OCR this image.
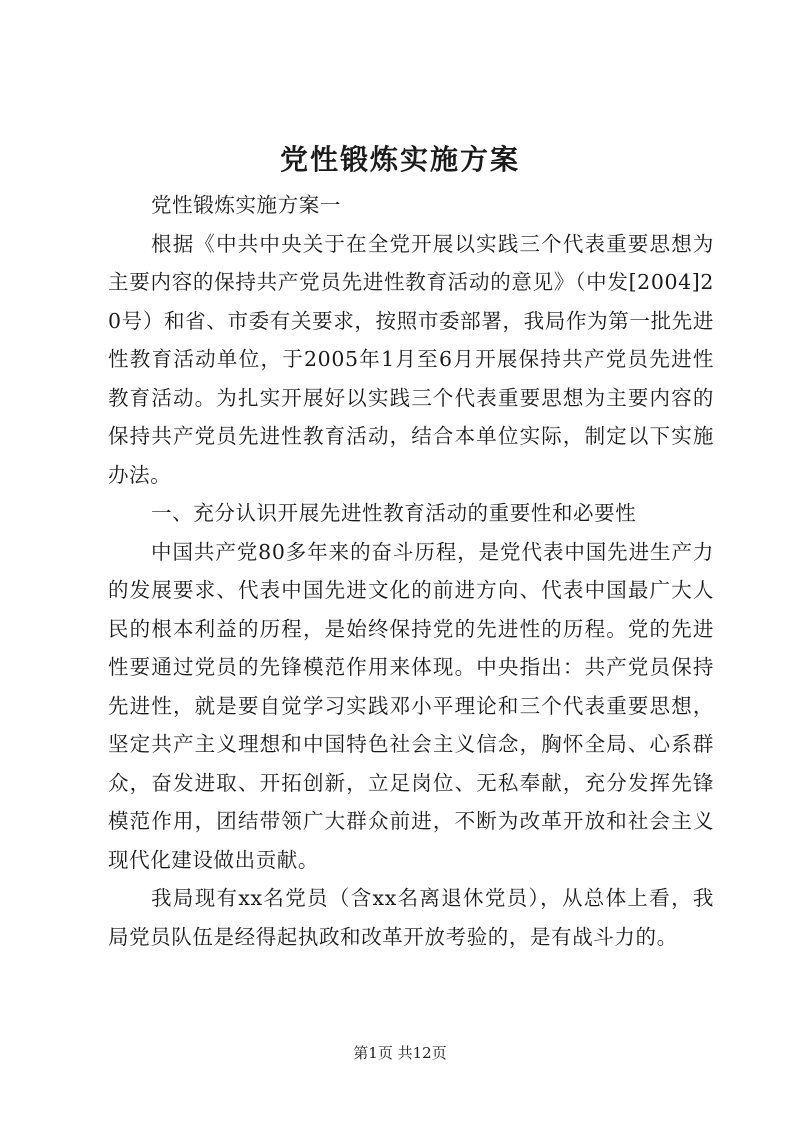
党性锻炼实施方案

党性锻炼实施方案一

根据《中共中央关于在全党开展以实践三个代表重要思想为主要内容的保持共产党员先进性教育活动的意见》（中发[2004]20号）和省、市委有关要求，按照市委部署，我局作为第一批先进性教育活动单位，于2005年1月至6月开展保持共产党员先进性教育活动。为扎实开展好以实践三个代表重要思想为主要内容的保持共产党员先进性教育活动，结合本单位实际，制定以下实施办法。

一、充分认识开展先进性教育活动的重要性和必要性

中国共产党80多年来的奋斗历程，是党代表中国先进生产力的发展要求、代表中国先进文化的前进方向、代表中国最广大人民的根本利益的历程，是始终保持党的先进性的历程。党的先进性要通过党员的先锋模范作用来体现。中央指出：共产党员保持先进性，就是要自觉学习实践邓小平理论和三个代表重要思想，坚定共产主义理想和中国特色社会主义信念，胸怀全局、心系群众，奋发进取、开拓创新，立足岗位、无私奉献，充分发挥先锋模范作用，团结带领广大群众前进，不断为改革开放和社会主义现代化建设做出贡献。

我局现有xx名党员（含xx名离退休党员），从总体上看，我局党员队伍是经得起执政和改革开放考验的，是有战斗力的。

第1页 共12页
